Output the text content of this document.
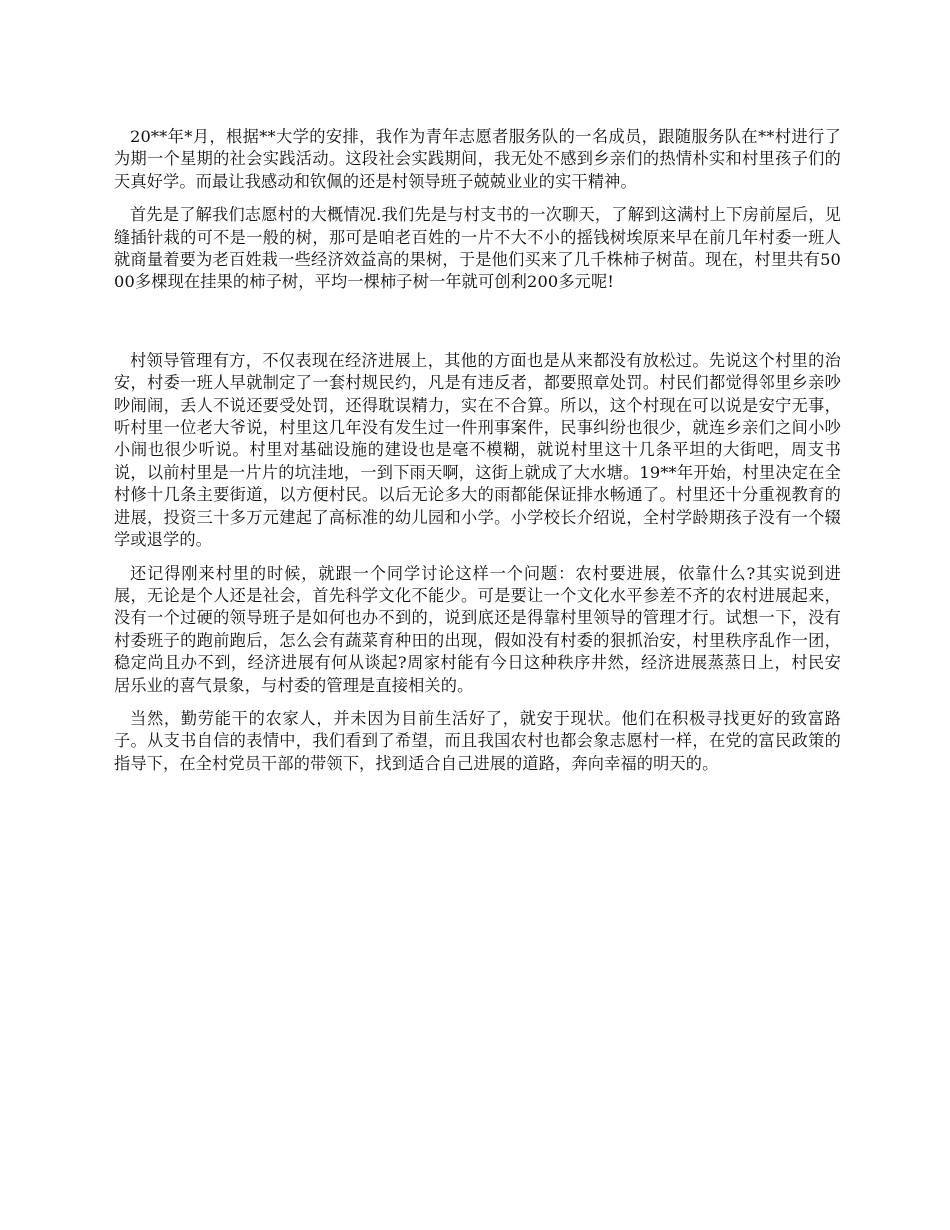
20**年*月，根据**大学的安排，我作为青年志愿者服务队的一名成员，跟随服务队在**村进行了为期一个星期的社会实践活动。这段社会实践期间，我无处不感到乡亲们的热情朴实和村里孩子们的天真好学。而最让我感动和钦佩的还是村领导班子兢兢业业的实干精神。

首先是了解我们志愿村的大概情况.我们先是与村支书的一次聊天，了解到这满村上下房前屋后，见缝插针栽的可不是一般的树，那可是咱老百姓的一片不大不小的摇钱树埃原来早在前几年村委一班人就商量着要为老百姓栽一些经济效益高的果树，于是他们买来了几千株柿子树苗。现在，村里共有5000多棵现在挂果的柿子树，平均一棵柿子树一年就可创利200多元呢!

村领导管理有方，不仅表现在经济进展上，其他的方面也是从来都没有放松过。先说这个村里的治安，村委一班人早就制定了一套村规民约，凡是有违反者，都要照章处罚。村民们都觉得邻里乡亲吵吵闹闹，丢人不说还要受处罚，还得耽误精力，实在不合算。所以，这个村现在可以说是安宁无事，听村里一位老大爷说，村里这几年没有发生过一件刑事案件，民事纠纷也很少，就连乡亲们之间小吵小闹也很少听说。村里对基础设施的建设也是毫不模糊，就说村里这十几条平坦的大街吧，周支书说，以前村里是一片片的坑洼地，一到下雨天啊，这街上就成了大水塘。19**年开始，村里决定在全村修十几条主要街道，以方便村民。以后无论多大的雨都能保证排水畅通了。村里还十分重视教育的进展，投资三十多万元建起了高标准的幼儿园和小学。小学校长介绍说，全村学龄期孩子没有一个辍学或退学的。

还记得刚来村里的时候，就跟一个同学讨论这样一个问题：农村要进展，依靠什么?其实说到进展，无论是个人还是社会，首先科学文化不能少。可是要让一个文化水平参差不齐的农村进展起来，没有一个过硬的领导班子是如何也办不到的，说到底还是得靠村里领导的管理才行。试想一下，没有村委班子的跑前跑后，怎么会有蔬菜育种田的出现，假如没有村委的狠抓治安，村里秩序乱作一团，稳定尚且办不到，经济进展有何从谈起?周家村能有今日这种秩序井然，经济进展蒸蒸日上，村民安居乐业的喜气景象，与村委的管理是直接相关的。

当然，勤劳能干的农家人，并未因为目前生活好了，就安于现状。他们在积极寻找更好的致富路子。从支书自信的表情中，我们看到了希望，而且我国农村也都会象志愿村一样，在党的富民政策的指导下，在全村党员干部的带领下，找到适合自己进展的道路，奔向幸福的明天的。
